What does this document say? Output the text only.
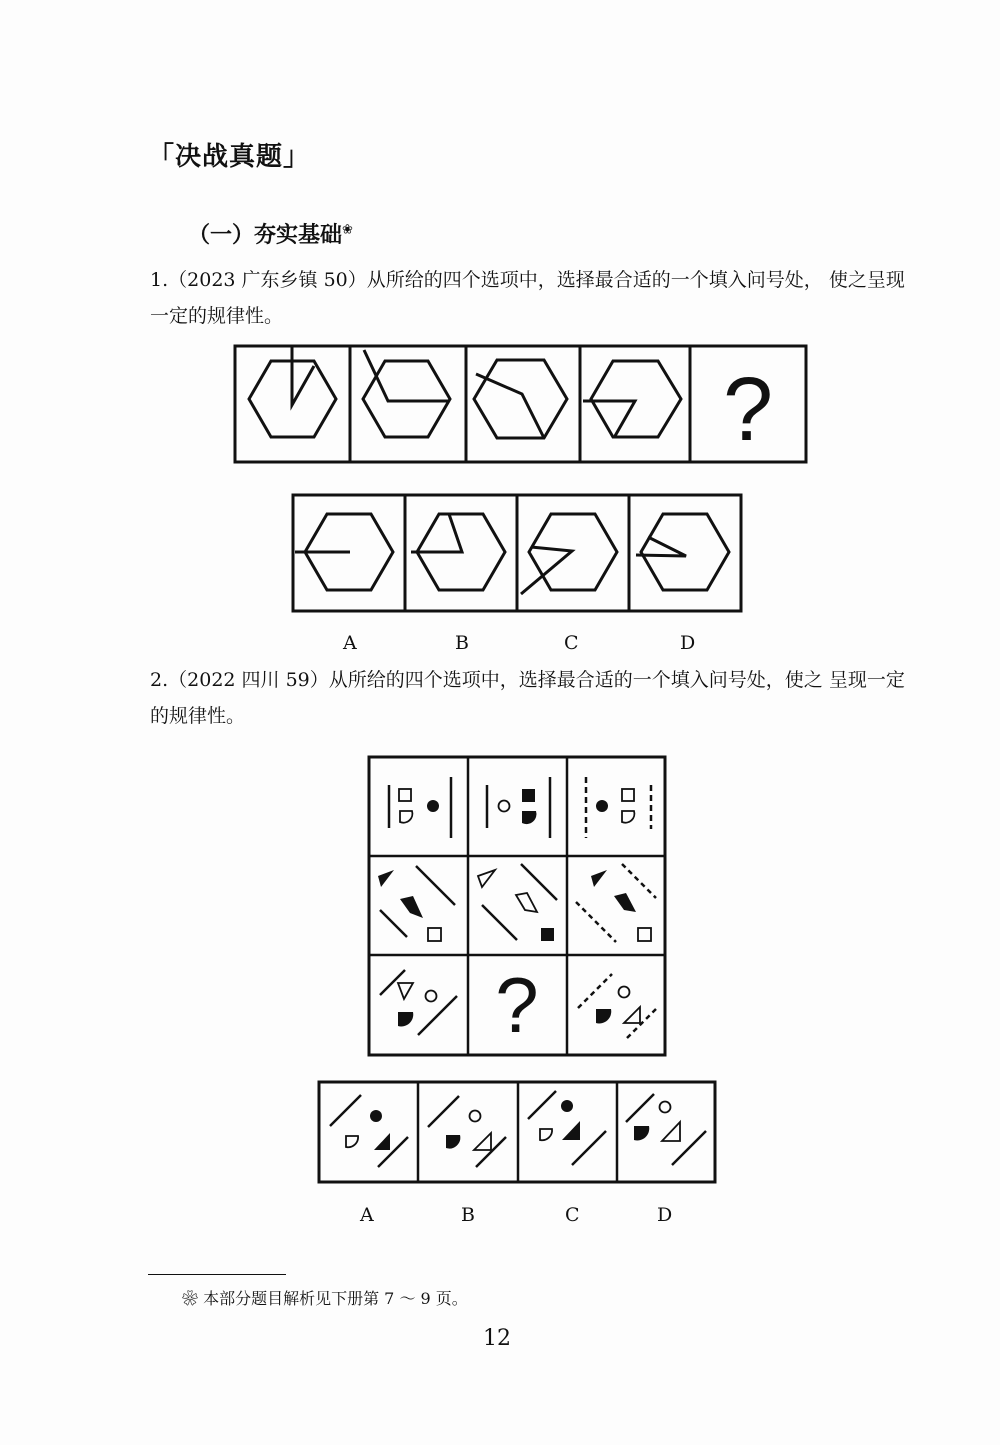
「决战真题」
（一）夯实基础❀
1.（2023 广东乡镇 50）从所给的四个选项中，选择最合适的一个填入问号处， 使之呈现一定的规律性。
2.（2022 四川 59）从所给的四个选项中，选择最合适的一个填入问号处，使之 呈现一定的规律性。
?
?
A	B	C	D
A	B	C	D
❀ 本部分题目解析见下册第 7 ～ 9 页。
12
